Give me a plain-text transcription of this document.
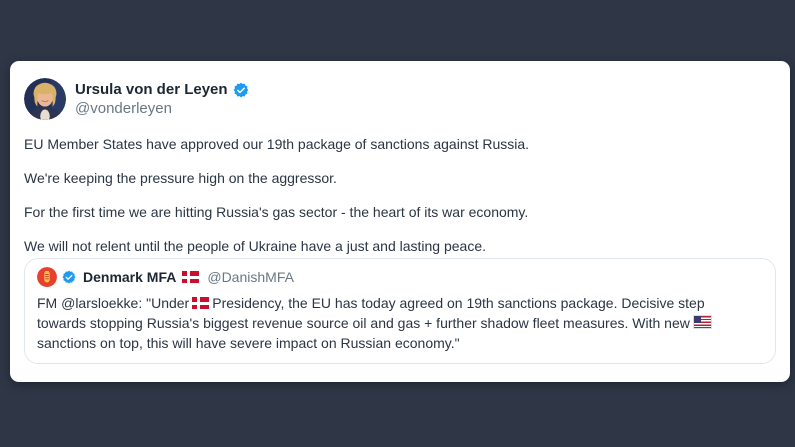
Ursula von der Leyen
@vonderleyen

EU Member States have approved our 19th package of sanctions against Russia.

We're keeping the pressure high on the aggressor.

For the first time we are hitting Russia's gas sector - the heart of its war economy.

We will not relent until the people of Ukraine have a just and lasting peace.

Denmark MFA @DanishMFA

FM @larsloekke: "Under Presidency, the EU has today agreed on 19th sanctions package. Decisive step towards stopping Russia's biggest revenue source oil and gas + further shadow fleet measures. With newsanctions on top, this will have severe impact on Russian economy."
